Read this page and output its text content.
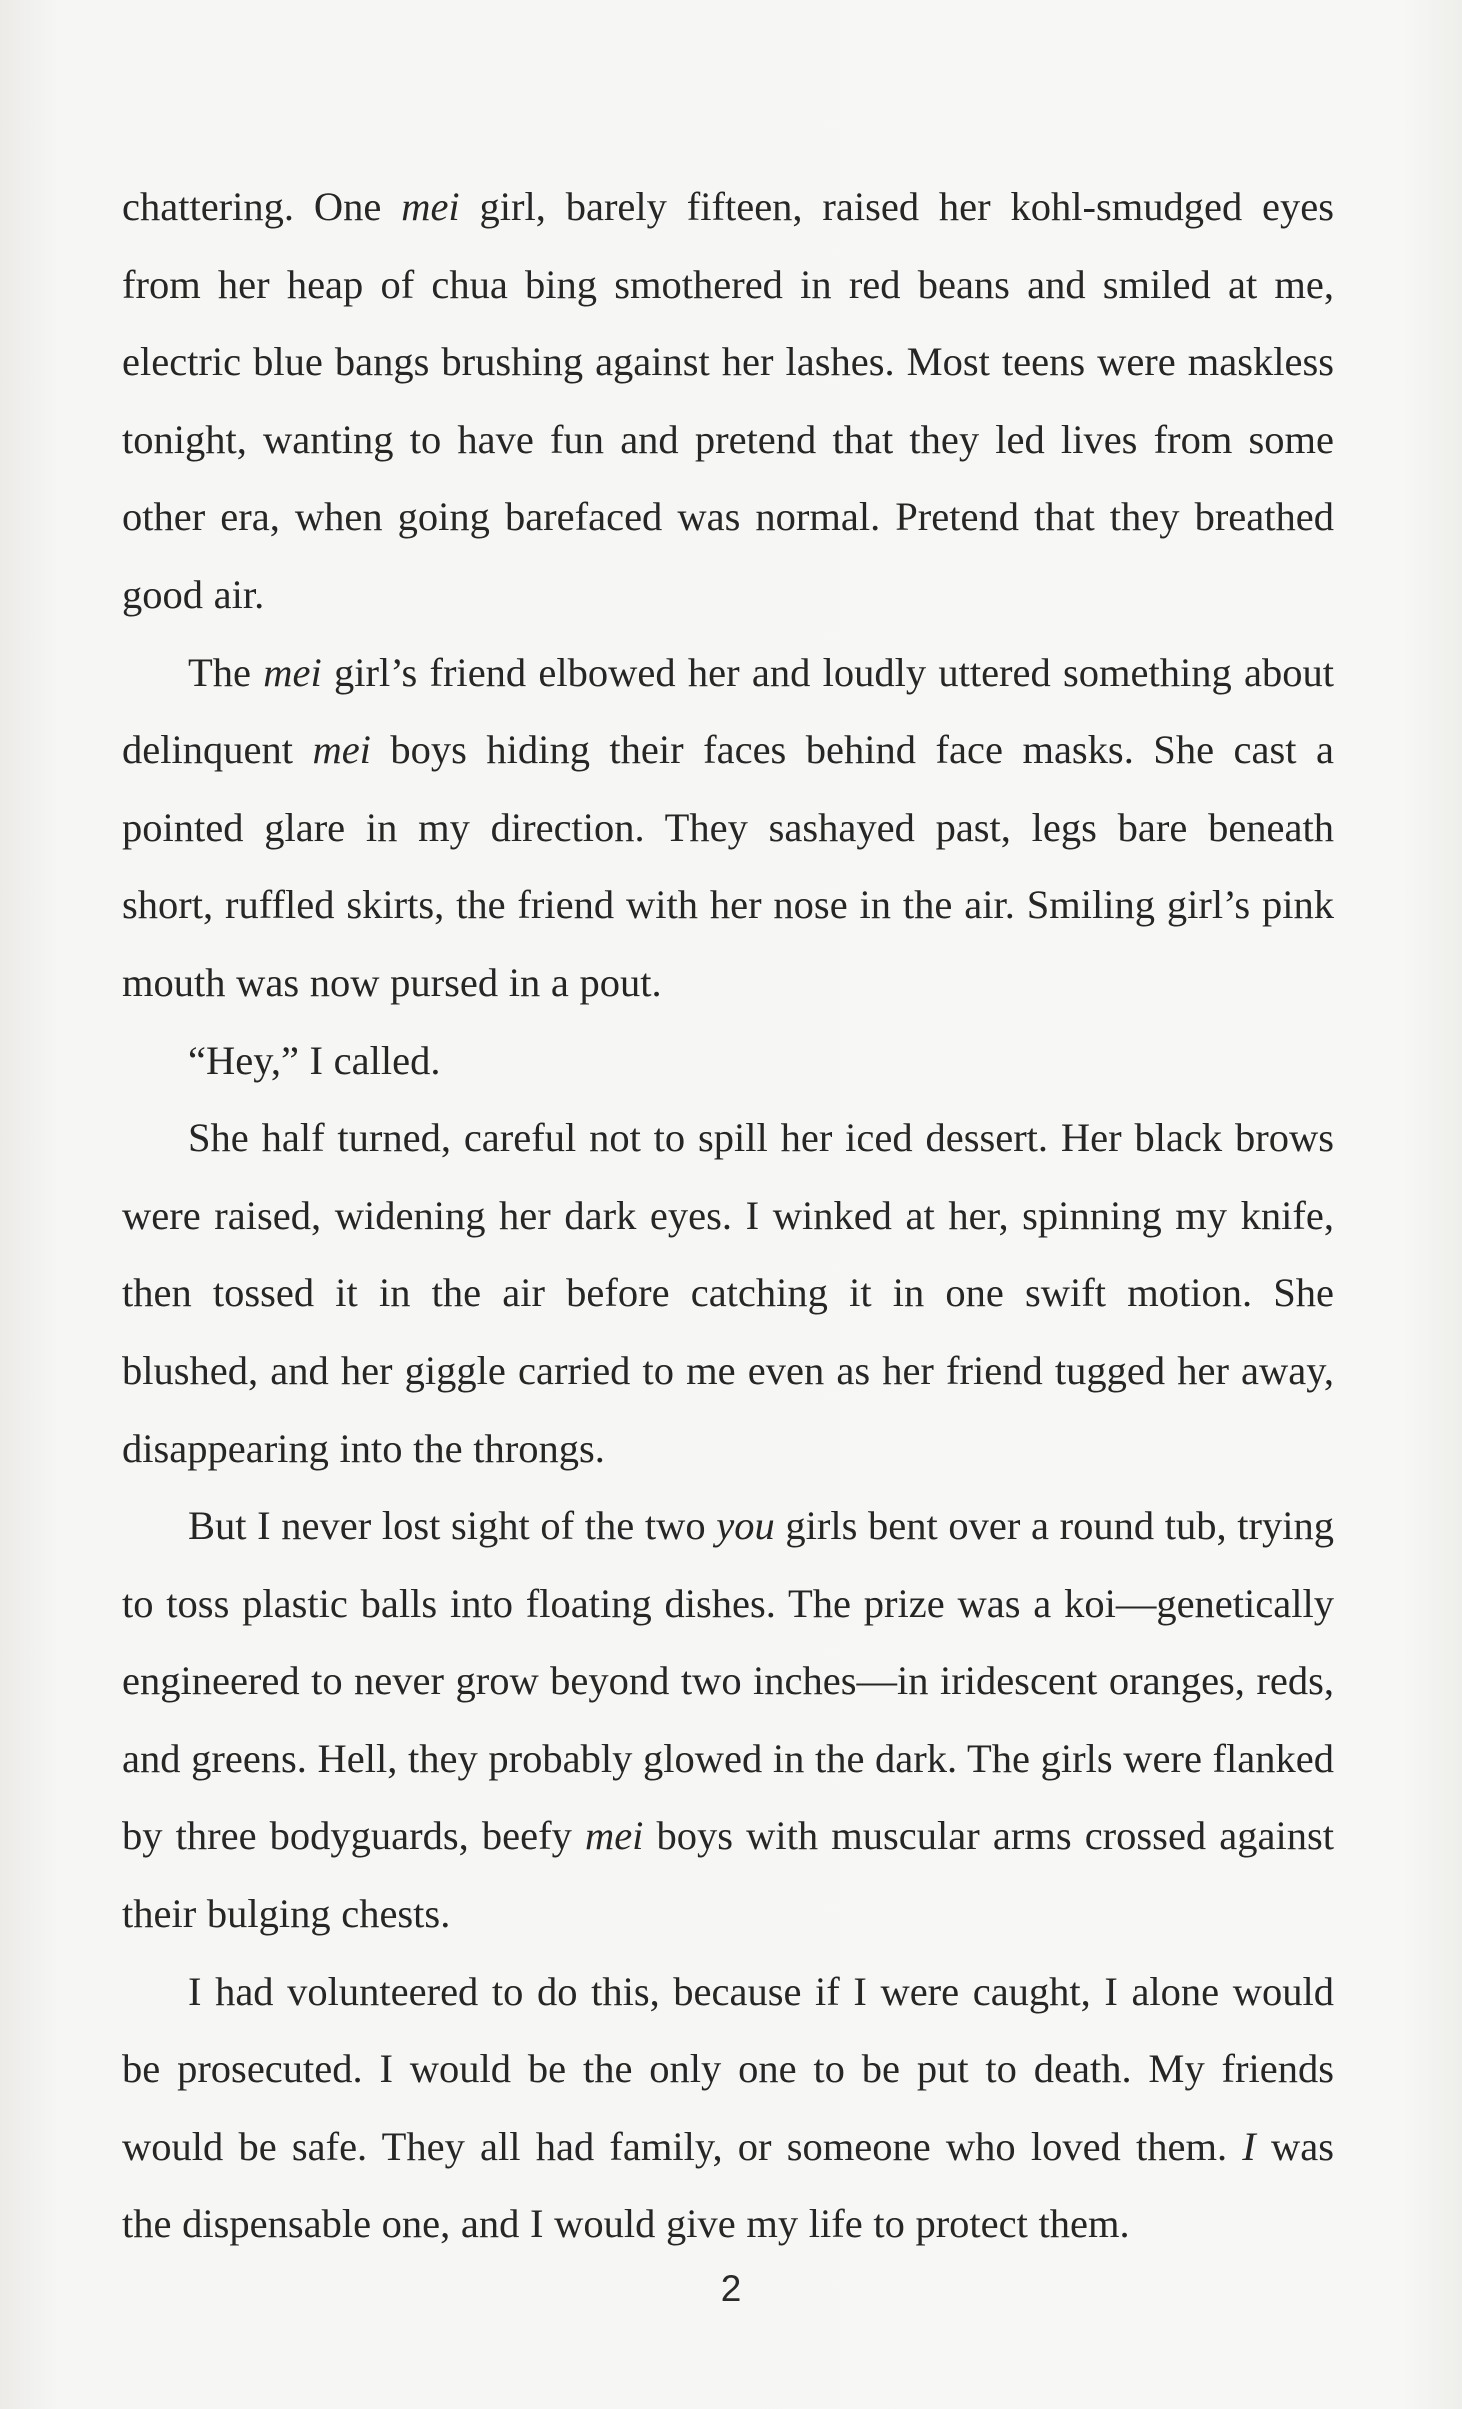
chattering. One mei girl, barely fifteen, raised her kohl-smudged eyes from her heap of chua bing smothered in red beans and smiled at me, electric blue bangs brushing against her lashes. Most teens were maskless tonight, wanting to have fun and pretend that they led lives from some other era, when going barefaced was normal. Pretend that they breathed good air.

The mei girl’s friend elbowed her and loudly uttered something about delinquent mei boys hiding their faces behind face masks. She cast a pointed glare in my direction. They sashayed past, legs bare beneath short, ruffled skirts, the friend with her nose in the air. Smiling girl’s pink mouth was now pursed in a pout.

“Hey,” I called.

She half turned, careful not to spill her iced dessert. Her black brows were raised, widening her dark eyes. I winked at her, spinning my knife, then tossed it in the air before catching it in one swift motion. She blushed, and her giggle carried to me even as her friend tugged her away, disappearing into the throngs.

But I never lost sight of the two you girls bent over a round tub, trying to toss plastic balls into floating dishes. The prize was a koi—genetically engineered to never grow beyond two inches—in iridescent oranges, reds, and greens. Hell, they probably glowed in the dark. The girls were flanked by three bodyguards, beefy mei boys with muscular arms crossed against their bulging chests.

I had volunteered to do this, because if I were caught, I alone would be prosecuted. I would be the only one to be put to death. My friends would be safe. They all had family, or someone who loved them. I was the dispensable one, and I would give my life to protect them.

2
